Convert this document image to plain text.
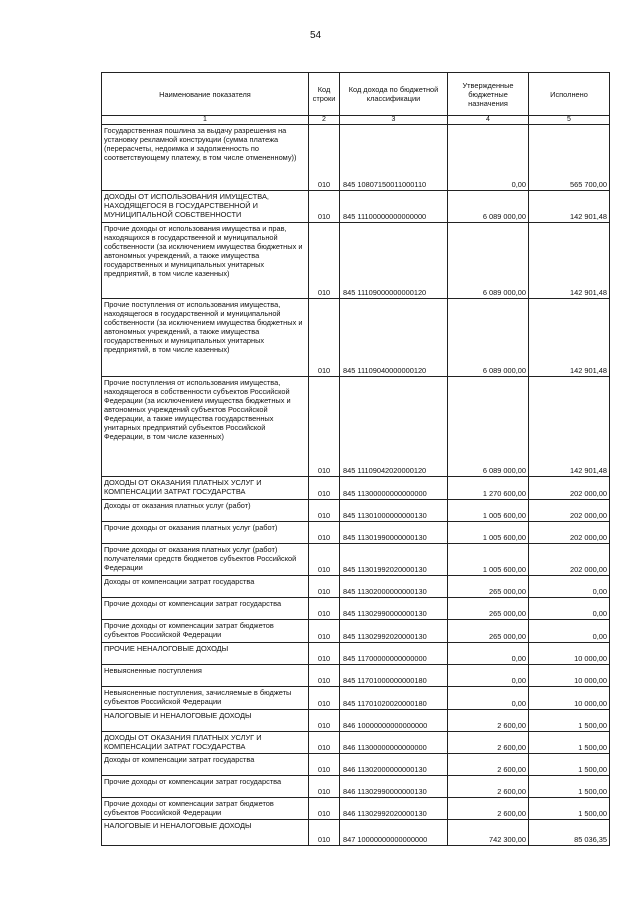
54
Наименование показателя	Код строки	Код дохода по бюджетной классификации	Утвержденные бюджетные назначения	Исполнено
1	2	3	4	5
Государственная пошлина за выдачу разрешения на установку рекламной конструкции (сумма платежа (перерасчеты, недоимка и задолженность по соответствующему платежу, в том числе отмененному))	010	845 10807150011000110	0,00	565 700,00
ДОХОДЫ ОТ ИСПОЛЬЗОВАНИЯ ИМУЩЕСТВА, НАХОДЯЩЕГОСЯ В ГОСУДАРСТВЕННОЙ И МУНИЦИПАЛЬНОЙ СОБСТВЕННОСТИ	010	845 11100000000000000	6 089 000,00	142 901,48
Прочие доходы от использования имущества и прав, находящихся в государственной и муниципальной собственности (за исключением имущества бюджетных и автономных учреждений, а также имущества государственных и муниципальных унитарных предприятий, в том числе казенных)	010	845 11109000000000120	6 089 000,00	142 901,48
Прочие поступления от использования имущества, находящегося в государственной и муниципальной собственности (за исключением имущества бюджетных и автономных учреждений, а также имущества государственных и муниципальных унитарных предприятий, в том числе казенных)	010	845 11109040000000120	6 089 000,00	142 901,48
Прочие поступления от использования имущества, находящегося в собственности субъектов Российской Федерации (за исключением имущества бюджетных и автономных учреждений субъектов Российской Федерации, а также имущества государственных унитарных предприятий субъектов Российской Федерации, в том числе казенных)	010	845 11109042020000120	6 089 000,00	142 901,48
ДОХОДЫ ОТ ОКАЗАНИЯ ПЛАТНЫХ УСЛУГ И КОМПЕНСАЦИИ ЗАТРАТ ГОСУДАРСТВА	010	845 11300000000000000	1 270 600,00	202 000,00
Доходы от оказания платных услуг (работ)	010	845 11301000000000130	1 005 600,00	202 000,00
Прочие доходы от оказания платных услуг (работ)	010	845 11301990000000130	1 005 600,00	202 000,00
Прочие доходы от оказания платных услуг (работ) получателями средств бюджетов субъектов Российской Федерации	010	845 11301992020000130	1 005 600,00	202 000,00
Доходы от компенсации затрат государства	010	845 11302000000000130	265 000,00	0,00
Прочие доходы от компенсации затрат государства	010	845 11302990000000130	265 000,00	0,00
Прочие доходы от компенсации затрат бюджетов субъектов Российской Федерации	010	845 11302992020000130	265 000,00	0,00
ПРОЧИЕ НЕНАЛОГОВЫЕ ДОХОДЫ	010	845 11700000000000000	0,00	10 000,00
Невыясненные поступления	010	845 11701000000000180	0,00	10 000,00
Невыясненные поступления, зачисляемые в бюджеты субъектов Российской Федерации	010	845 11701020020000180	0,00	10 000,00
НАЛОГОВЫЕ И НЕНАЛОГОВЫЕ ДОХОДЫ	010	846 10000000000000000	2 600,00	1 500,00
ДОХОДЫ ОТ ОКАЗАНИЯ ПЛАТНЫХ УСЛУГ И КОМПЕНСАЦИИ ЗАТРАТ ГОСУДАРСТВА	010	846 11300000000000000	2 600,00	1 500,00
Доходы от компенсации затрат государства	010	846 11302000000000130	2 600,00	1 500,00
Прочие доходы от компенсации затрат государства	010	846 11302990000000130	2 600,00	1 500,00
Прочие доходы от компенсации затрат бюджетов субъектов Российской Федерации	010	846 11302992020000130	2 600,00	1 500,00
НАЛОГОВЫЕ И НЕНАЛОГОВЫЕ ДОХОДЫ	010	847 10000000000000000	742 300,00	85 036,35
